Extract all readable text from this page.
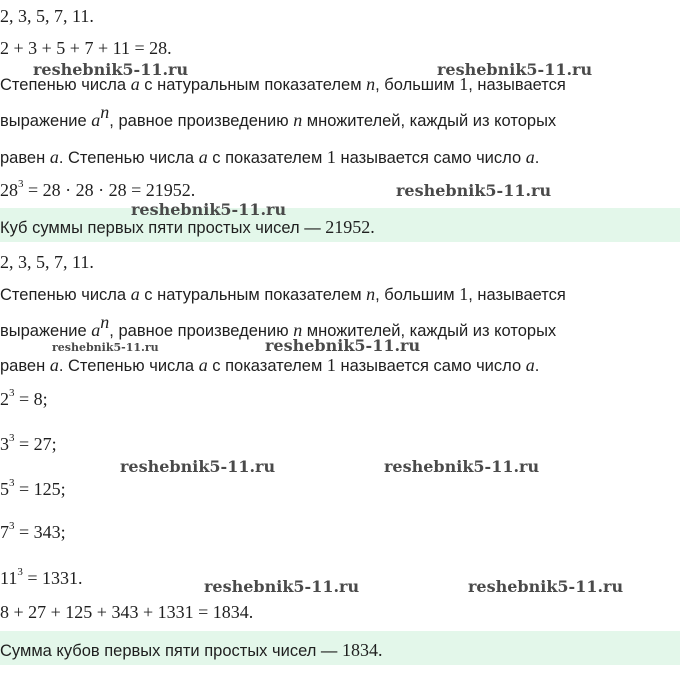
2, 3, 5, 7, 11.
2 + 3 + 5 + 7 + 11 = 28.
Степенью числа a с натуральным показателем n, большим 1, называется
выражение $a^n$, равное произведению n множителей, каждый из которых
равен a. Степенью числа a с показателем 1 называется само число a.
$28^3 = 28 \cdot 28 \cdot 28 = 21952$.
Куб суммы первых пяти простых чисел — 21952.
2, 3, 5, 7, 11.
Степенью числа a с натуральным показателем n, большим 1, называется
выражение $a^n$, равное произведению n множителей, каждый из которых
равен a. Степенью числа a с показателем 1 называется само число a.
$2^3 = 8$;
$3^3 = 27$;
$5^3 = 125$;
$7^3 = 343$;
$11^3 = 1331$.
8 + 27 + 125 + 343 + 1331 = 1834.
Сумма кубов первых пяти простых чисел — 1834.
reshebnik5-11.ru	reshebnik5-11.ru
reshebnik5-11.ru
reshebnik5-11.ru
reshebnik5-11.ru	reshebnik5-11.ru
reshebnik5-11.ru	reshebnik5-11.ru
reshebnik5-11.ru	reshebnik5-11.ru
